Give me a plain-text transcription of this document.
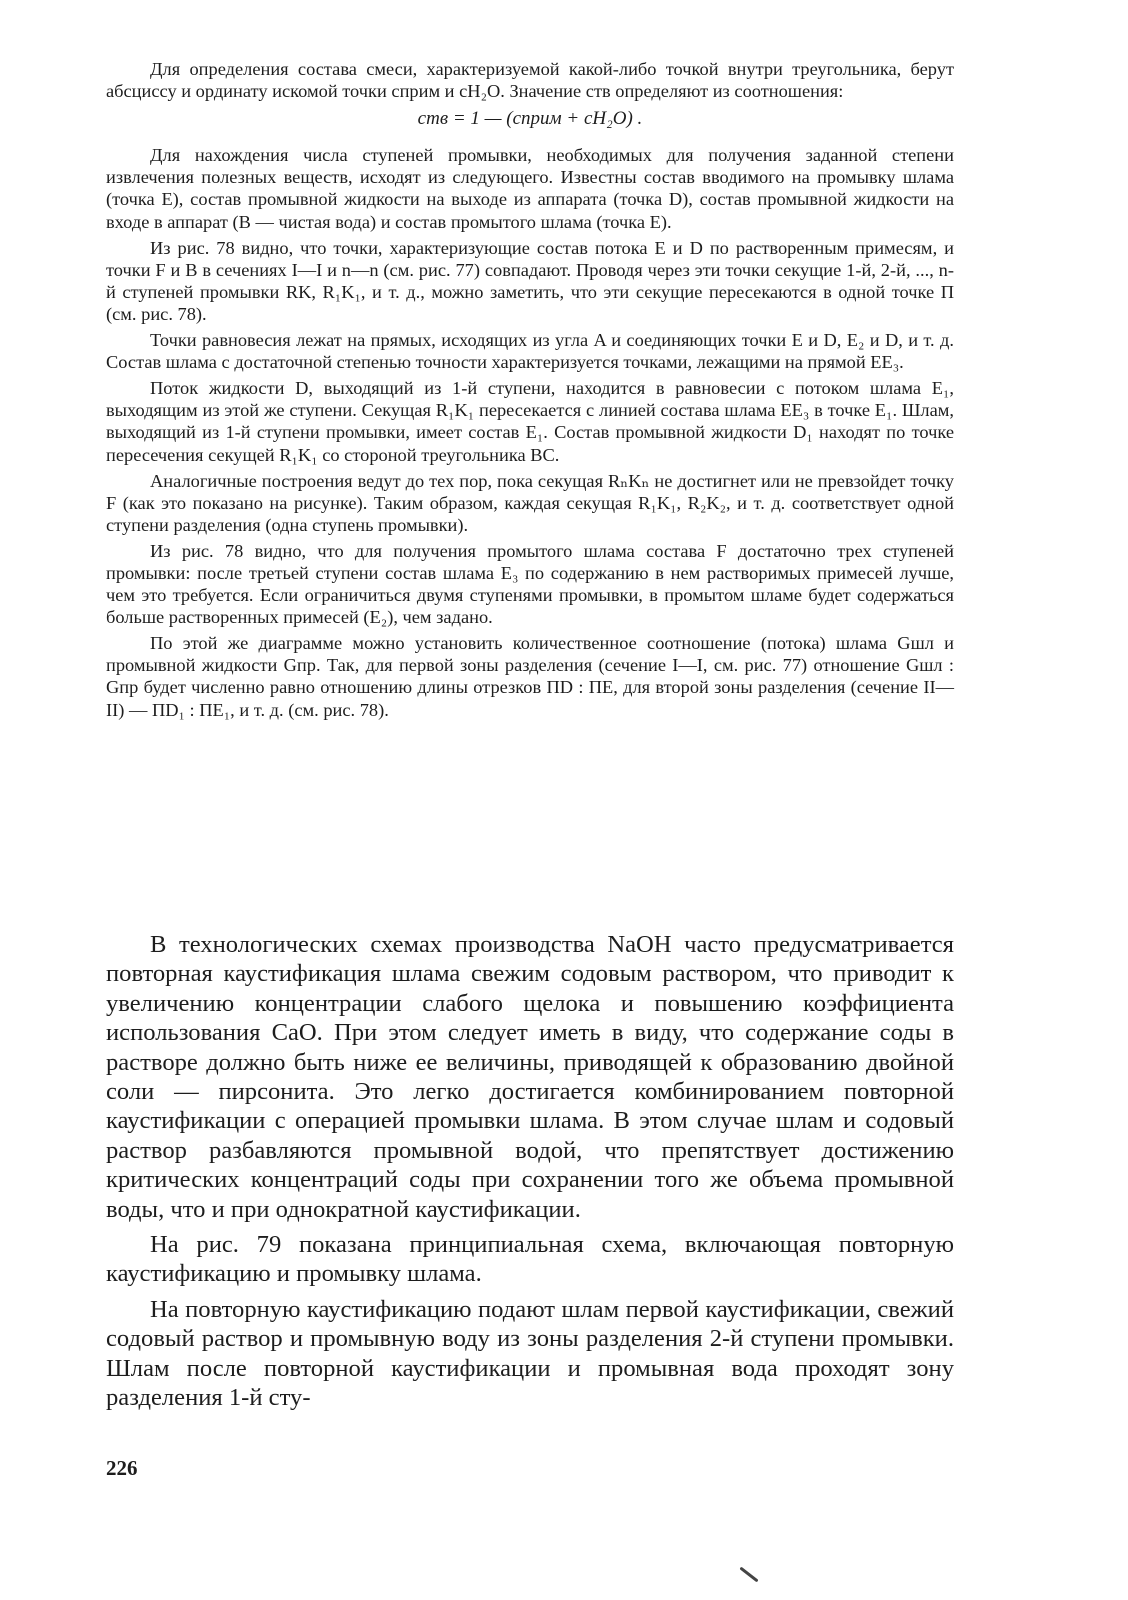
Для определения состава смеси, характеризуемой какой-либо точкой внутри треугольника, берут абсциссу и ординату искомой точки cприм и cH₂O. Значение cтв определяют из соотношения:

cтв = 1 — (cприм + cH₂O) .

Для нахождения числа ступеней промывки, необходимых для получения заданной степени извлечения полезных веществ, исходят из следующего. Известны состав вводимого на промывку шлама (точка E), состав промывной жидкости на выходе из аппарата (точка D), состав промывной жидкости на входе в аппарат (B — чистая вода) и состав промытого шлама (точка E).

Из рис. 78 видно, что точки, характеризующие состав потока E и D по растворенным примесям, и точки F и B в сечениях I—I и n—n (см. рис. 77) совпадают. Проводя через эти точки секущие 1-й, 2-й, ..., n-й ступеней промывки RK, R₁K₁, и т. д., можно заметить, что эти секущие пересекаются в одной точке П (см. рис. 78).

Точки равновесия лежат на прямых, исходящих из угла A и соединяющих точки E и D, E₂ и D, и т. д. Состав шлама с достаточной степенью точности характеризуется точками, лежащими на прямой EE₃.

Поток жидкости D, выходящий из 1-й ступени, находится в равновесии с потоком шлама E₁, выходящим из этой же ступени. Секущая R₁K₁ пересекается с линией состава шлама EE₃ в точке E₁. Шлам, выходящий из 1-й ступени промывки, имеет состав E₁. Состав промывной жидкости D₁ находят по точке пересечения секущей R₁K₁ со стороной треугольника BC.

Аналогичные построения ведут до тех пор, пока секущая RₙKₙ не достигнет или не превзойдет точку F (как это показано на рисунке). Таким образом, каждая секущая R₁K₁, R₂K₂, и т. д. соответствует одной ступени разделения (одна ступень промывки).

Из рис. 78 видно, что для получения промытого шлама состава F достаточно трех ступеней промывки: после третьей ступени состав шлама E₃ по содержанию в нем растворимых примесей лучше, чем это требуется. Если ограничиться двумя ступенями промывки, в промытом шламе будет содержаться больше растворенных примесей (E₂), чем задано.

По этой же диаграмме можно установить количественное соотношение (потока) шлама Gшл и промывной жидкости Gпр. Так, для первой зоны разделения (сечение I—I, см. рис. 77) отношение Gшл : Gпр будет численно равно отношению длины отрезков ПD : ПE, для второй зоны разделения (сечение II—II) — ПD₁ : ПE₁, и т. д. (см. рис. 78).

В технологических схемах производства NaOH часто предусматривается повторная каустификация шлама свежим содовым раствором, что приводит к увеличению концентрации слабого щелока и повышению коэффициента использования CaO. При этом следует иметь в виду, что содержание соды в растворе должно быть ниже ее величины, приводящей к образованию двойной соли — пирсонита. Это легко достигается комбинированием повторной каустификации с операцией промывки шлама. В этом случае шлам и содовый раствор разбавляются промывной водой, что препятствует достижению критических концентраций соды при сохранении того же объема промывной воды, что и при однократной каустификации.

На рис. 79 показана принципиальная схема, включающая повторную каустификацию и промывку шлама.

На повторную каустификацию подают шлам первой каустификации, свежий содовый раствор и промывную воду из зоны разделения 2-й ступени промывки. Шлам после повторной каустификации и промывная вода проходят зону разделения 1-й сту-

226
